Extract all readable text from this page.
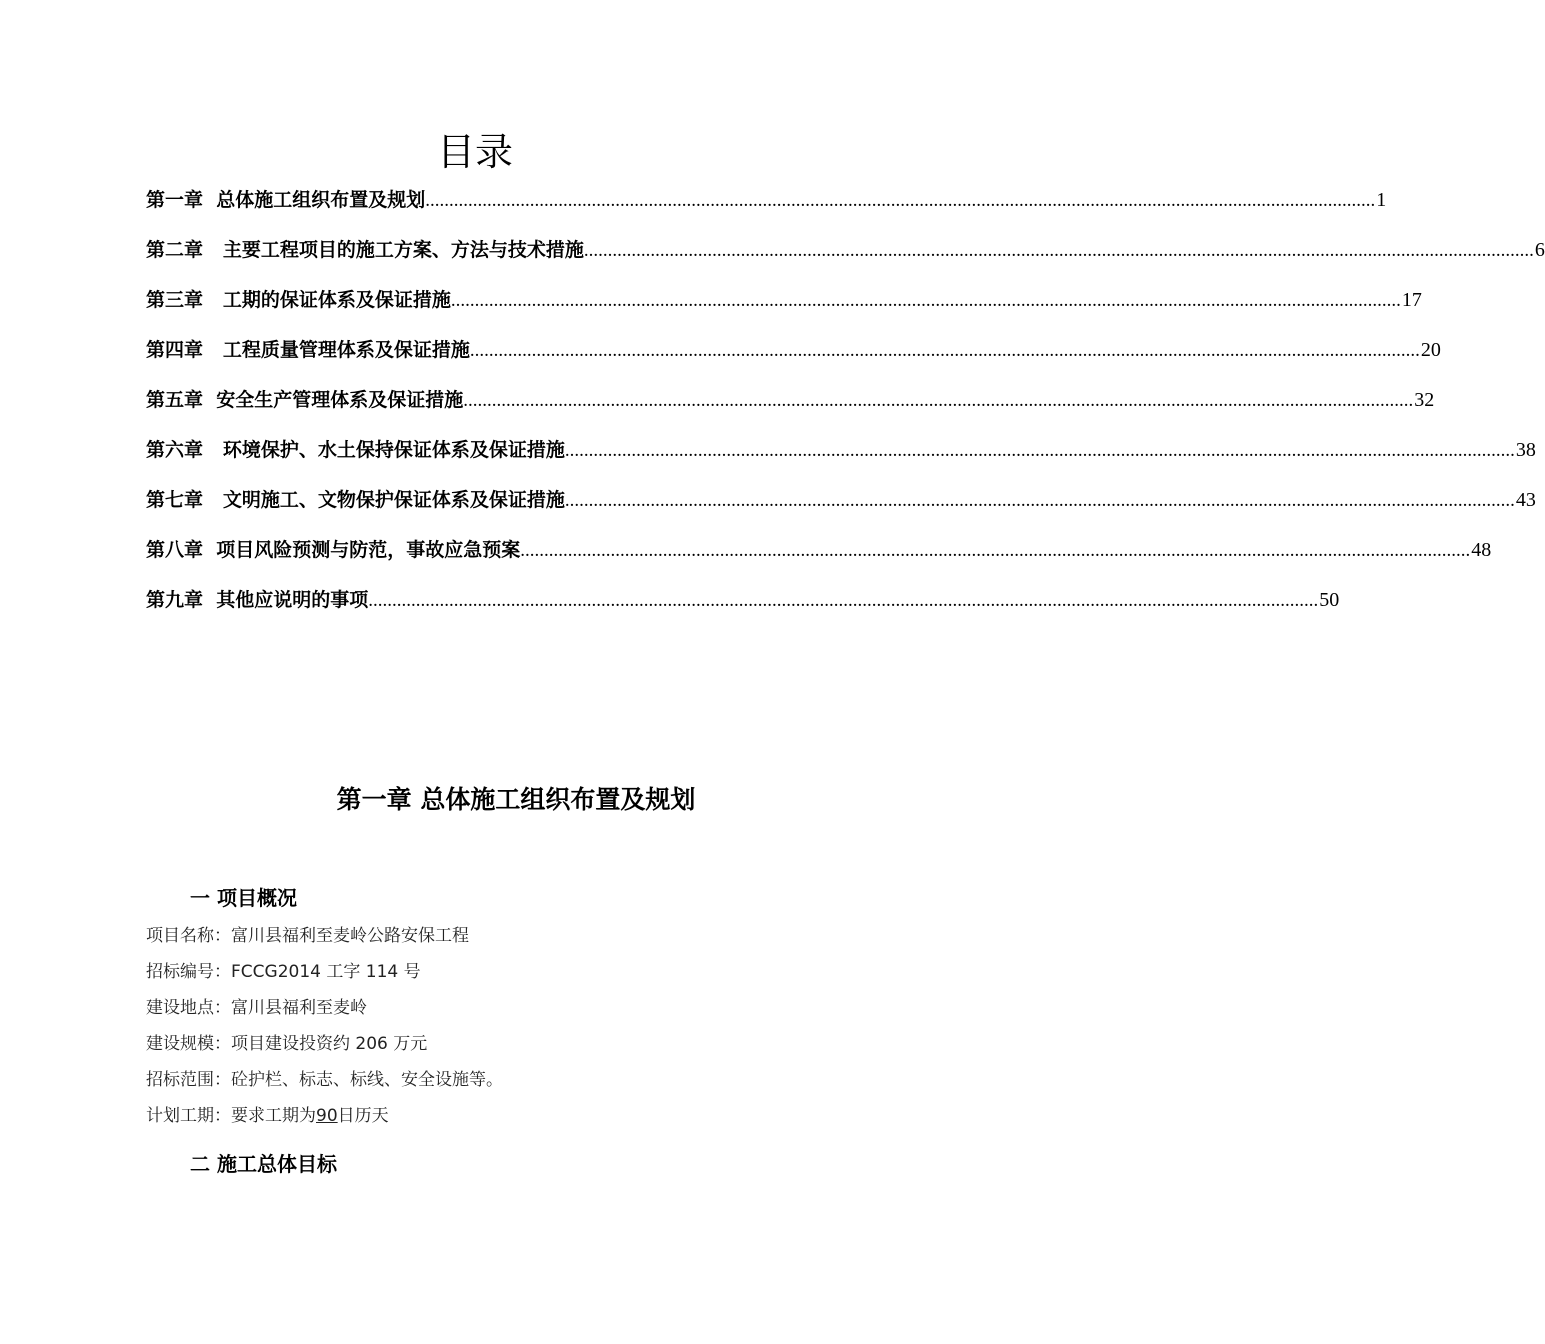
目录
第一章  总体施工组织布置及规划 ........................................................................................................................................................................................................ 1
第二章   主要工程项目的施工方案、方法与技术措施 ........................................................................................................................................................................................................ 6
第三章   工期的保证体系及保证措施 ........................................................................................................................................................................................................ 17
第四章   工程质量管理体系及保证措施 ........................................................................................................................................................................................................ 20
第五章  安全生产管理体系及保证措施 ........................................................................................................................................................................................................ 32
第六章   环境保护、水土保持保证体系及保证措施 ........................................................................................................................................................................................................ 38
第七章   文明施工、文物保护保证体系及保证措施 ........................................................................................................................................................................................................ 43
第八章  项目风险预测与防范，事故应急预案 ........................................................................................................................................................................................................ 48
第九章  其他应说明的事项 ........................................................................................................................................................................................................ 50
第一章 总体施工组织布置及规划
一 项目概况
项目名称：富川县福利至麦岭公路安保工程
招标编号：FCCG2014 工字 114 号
建设地点：富川县福利至麦岭
建设规模：项目建设投资约 206 万元
招标范围：砼护栏、标志、标线、安全设施等。
计划工期：要求工期为90日历天
二 施工总体目标
